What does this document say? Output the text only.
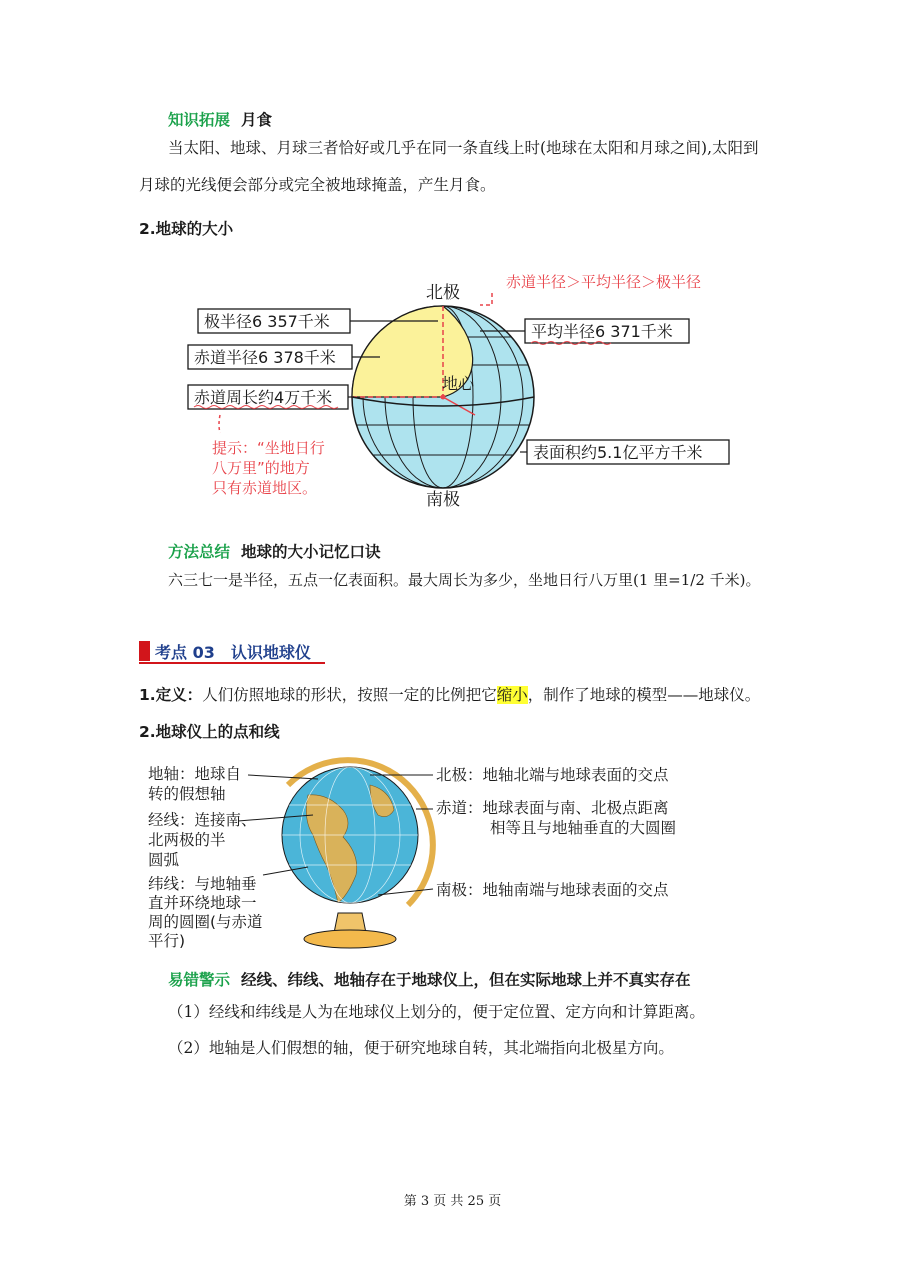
知识拓展 月食
当太阳、地球、月球三者恰好或几乎在同一条直线上时(地球在太阳和月球之间),太阳到
月球的光线便会部分或完全被地球掩盖，产生月食。
2.地球的大小
北极
南极
地心
极半径6 357千米
赤道半径6 378千米
赤道周长约4万千米
平均半径6 371千米
表面积约5.1亿平方千米
赤道半径＞平均半径＞极半径
提示：“坐地日行
八万里”的地方
只有赤道地区。
方法总结 地球的大小记忆口诀
六三七一是半径，五点一亿表面积。最大周长为多少，坐地日行八万里(1 里=1/2 千米)。
考点 03　认识地球仪
1.定义：人们仿照地球的形状，按照一定的比例把它缩小，制作了地球的模型——地球仪。
2.地球仪上的点和线
地轴：地球自
转的假想轴
经线：连接南、
北两极的半
圆弧
纬线：与地轴垂
直并环绕地球一
周的圆圈(与赤道
平行)
北极：地轴北端与地球表面的交点
赤道：地球表面与南、北极点距离
相等且与地轴垂直的大圆圈
南极：地轴南端与地球表面的交点
易错警示 经线、纬线、地轴存在于地球仪上，但在实际地球上并不真实存在
（1）经线和纬线是人为在地球仪上划分的，便于定位置、定方向和计算距离。
（2）地轴是人们假想的轴，便于研究地球自转，其北端指向北极星方向。
第 3 页 共 25 页
